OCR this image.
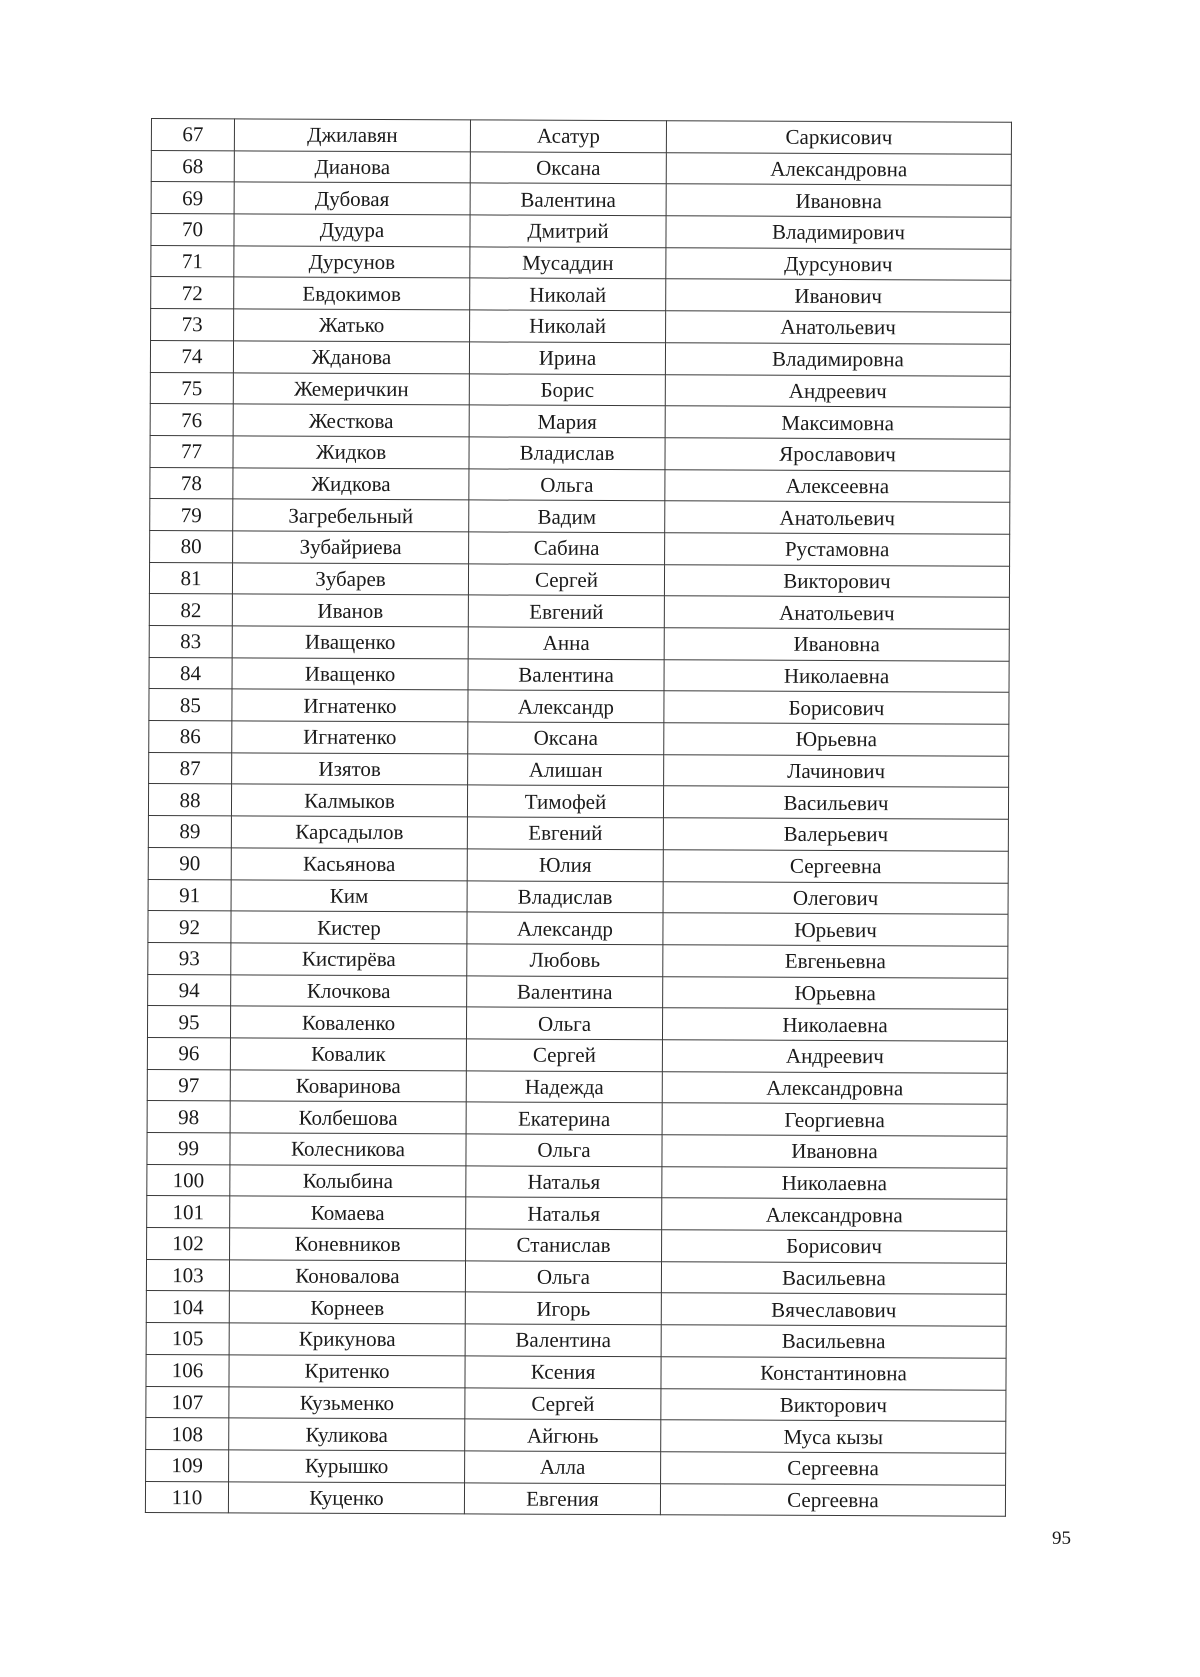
67	Джилавян	Асатур	Саркисович
68	Дианова	Оксана	Александровна
69	Дубовая	Валентина	Ивановна
70	Дудура	Дмитрий	Владимирович
71	Дурсунов	Мусаддин	Дурсунович
72	Евдокимов	Николай	Иванович
73	Жатько	Николай	Анатольевич
74	Жданова	Ирина	Владимировна
75	Жемеричкин	Борис	Андреевич
76	Жесткова	Мария	Максимовна
77	Жидков	Владислав	Ярославович
78	Жидкова	Ольга	Алексеевна
79	Загребельный	Вадим	Анатольевич
80	Зубайриева	Сабина	Рустамовна
81	Зубарев	Сергей	Викторович
82	Иванов	Евгений	Анатольевич
83	Иващенко	Анна	Ивановна
84	Иващенко	Валентина	Николаевна
85	Игнатенко	Александр	Борисович
86	Игнатенко	Оксана	Юрьевна
87	Изятов	Алишан	Лачинович
88	Калмыков	Тимофей	Васильевич
89	Карсадылов	Евгений	Валерьевич
90	Касьянова	Юлия	Сергеевна
91	Ким	Владислав	Олегович
92	Кистер	Александр	Юрьевич
93	Кистирёва	Любовь	Евгеньевна
94	Клочкова	Валентина	Юрьевна
95	Коваленко	Ольга	Николаевна
96	Ковалик	Сергей	Андреевич
97	Коваринова	Надежда	Александровна
98	Колбешова	Екатерина	Георгиевна
99	Колесникова	Ольга	Ивановна
100	Колыбина	Наталья	Николаевна
101	Комаева	Наталья	Александровна
102	Коневников	Станислав	Борисович
103	Коновалова	Ольга	Васильевна
104	Корнеев	Игорь	Вячеславович
105	Крикунова	Валентина	Васильевна
106	Критенко	Ксения	Константиновна
107	Кузьменко	Сергей	Викторович
108	Куликова	Айгюнь	Муса кызы
109	Курышко	Алла	Сергеевна
110	Куценко	Евгения	Сергеевна
95
